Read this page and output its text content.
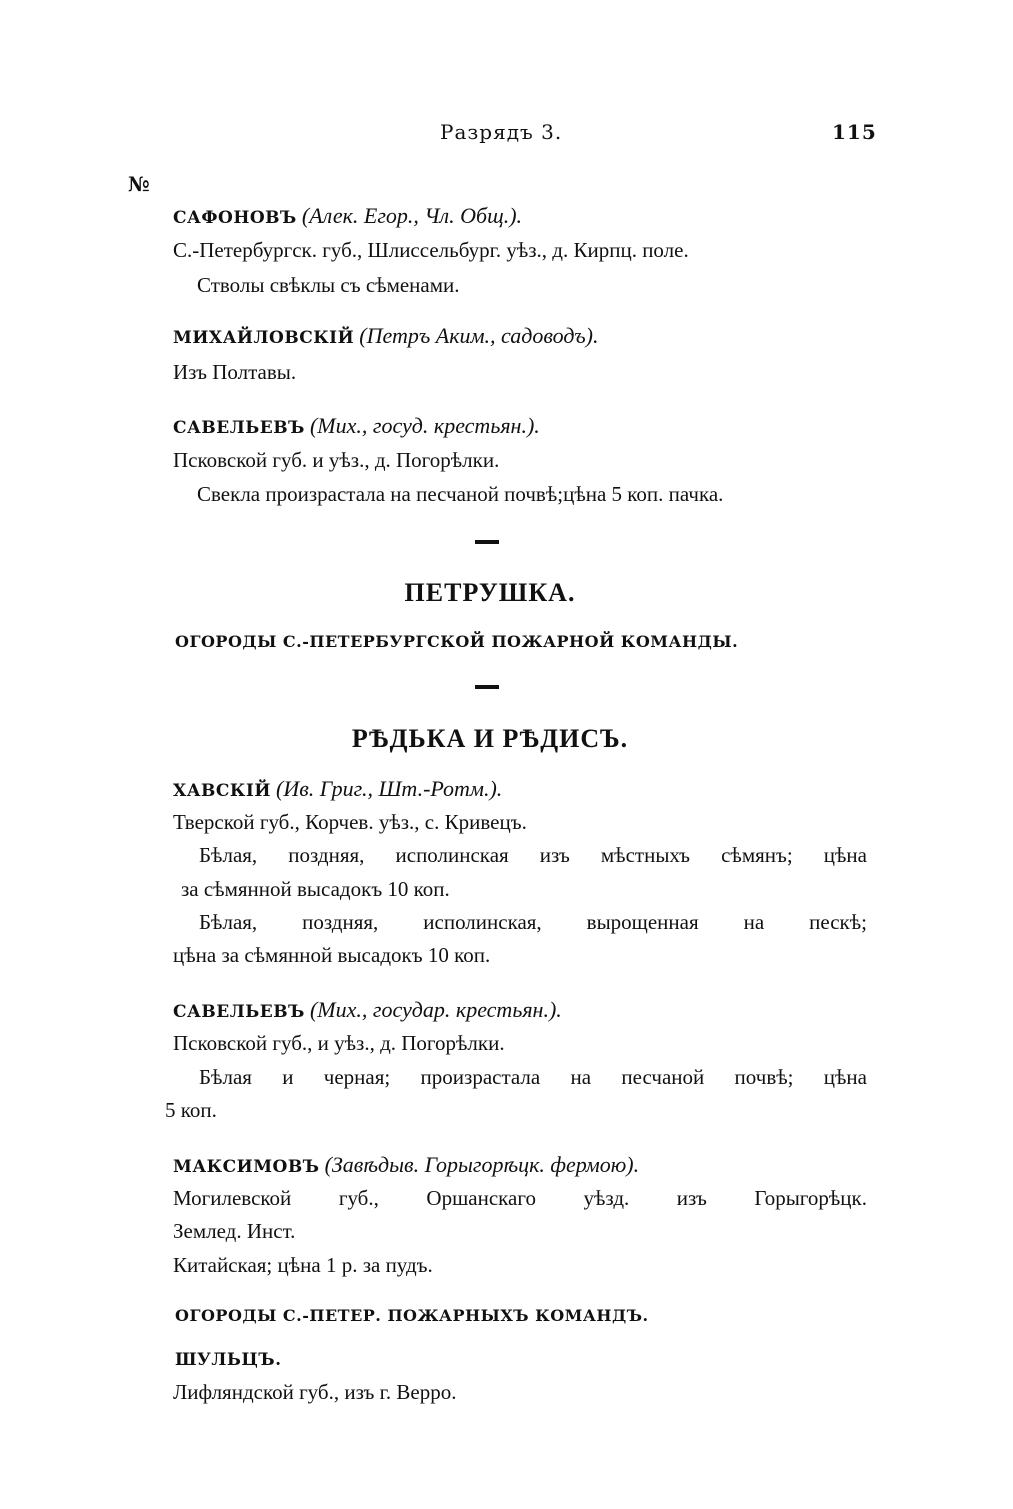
Разрядъ 3.	115
№
САФОНОВЪ (Алек. Егор., Чл. Общ.).
С.-Петербургск. губ., Шлиссельбург. уѣз., д. Кирпц. поле.
Стволы свѣклы съ сѣменами.
МИХАЙЛОВСКІЙ (Петръ Аким., садоводъ).
Изъ Полтавы.
САВЕЛЬЕВЪ (Мих., госуд. крестьян.).
Псковской губ. и уѣз., д. Погорѣлки.
Свекла произрастала на песчаной почвѣ;цѣна 5 коп. пачка.
ПЕТРУШКА.
ОГОРОДЫ С.-ПЕТЕРБУРГСКОЙ ПОЖАРНОЙ КОМАНДЫ.
РѢДЬКА И РѢДИСЪ.
ХАВСКІЙ (Ив. Григ., Шт.-Ротм.).
Тверской губ., Корчев. уѣз., с. Кривецъ.
Бѣлая, поздняя, исполинская изъ мѣстныхъ сѣмянъ; цѣна
за сѣмянной высадокъ 10 коп.
Бѣлая, поздняя, исполинская, вырощенная на пескѣ;
цѣна за сѣмянной высадокъ 10 коп.
САВЕЛЬЕВЪ (Мих., государ. крестьян.).
Псковской губ., и уѣз., д. Погорѣлки.
Бѣлая и черная; произрастала на песчаной почвѣ; цѣна
5 коп.
МАКСИМОВЪ (Завѣдыв. Горыгорѣцк. фермою).
Могилевской губ., Оршанскаго уѣзд. изъ Горыгорѣцк.
Землед. Инст.
Китайская; цѣна 1 р. за пудъ.
ОГОРОДЫ С.-ПЕТЕР. ПОЖАРНЫХЪ КОМАНДЪ.
ШУЛЬЦЪ.
Лифляндской губ., изъ г. Верро.
